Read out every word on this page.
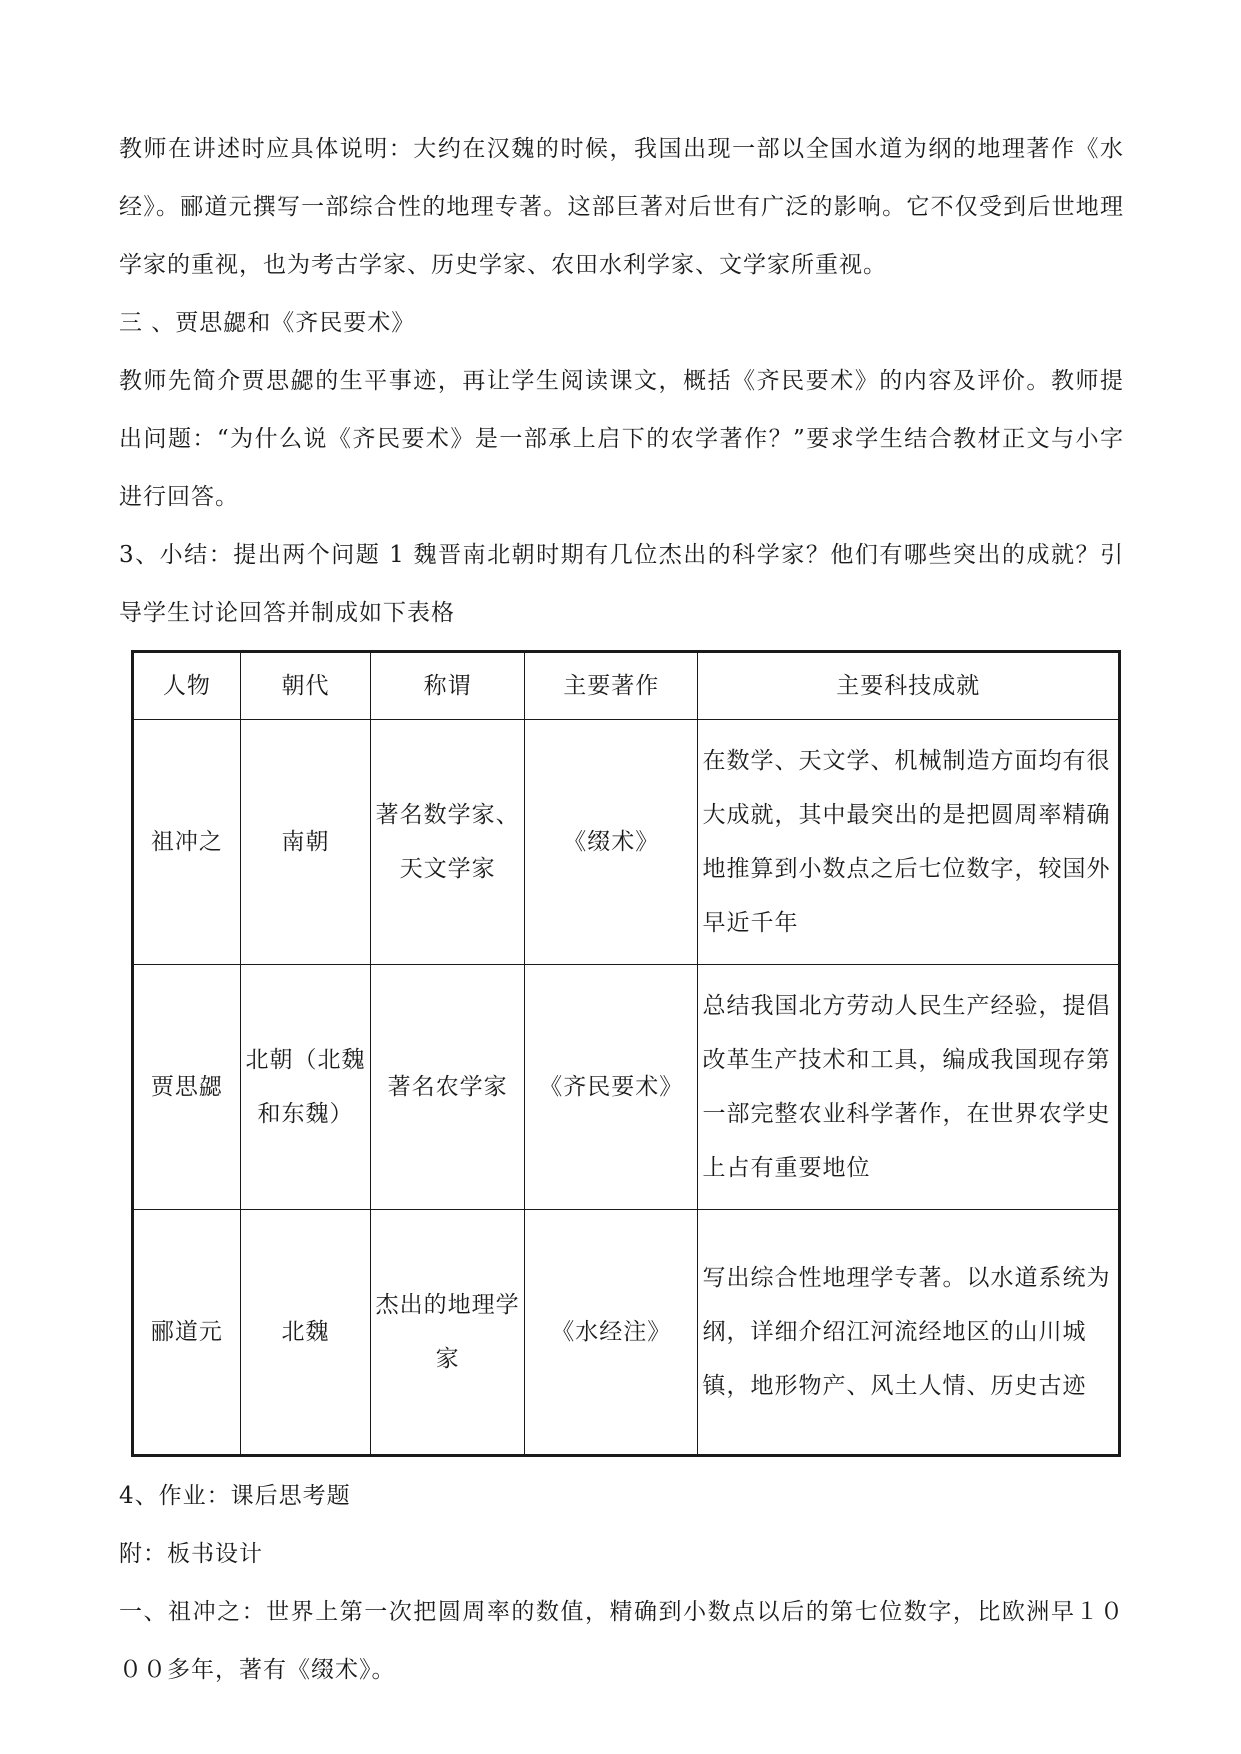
教师在讲述时应具体说明：大约在汉魏的时候，我国出现一部以全国水道为纲的地理著作《水经》。郦道元撰写一部综合性的地理专著。这部巨著对后世有广泛的影响。它不仅受到后世地理学家的重视，也为考古学家、历史学家、农田水利学家、文学家所重视。

三 、贾思勰和《齐民要术》

教师先简介贾思勰的生平事迹，再让学生阅读课文，概括《齐民要术》的内容及评价。教师提出问题：“为什么说《齐民要术》是一部承上启下的农学著作？”要求学生结合教材正文与小字进行回答。

3、小结：提出两个问题 1 魏晋南北朝时期有几位杰出的科学家？他们有哪些突出的成就？引导学生讨论回答并制成如下表格

人物	朝代	称谓	主要著作	主要科技成就
祖冲之	南朝	著名数学家、天文学家	《缀术》	在数学、天文学、机械制造方面均有很大成就，其中最突出的是把圆周率精确地推算到小数点之后七位数字，较国外早近千年
贾思勰	北朝（北魏和东魏）	著名农学家	《齐民要术》	总结我国北方劳动人民生产经验，提倡改革生产技术和工具，编成我国现存第一部完整农业科学著作，在世界农学史上占有重要地位
郦道元	北魏	杰出的地理学家	《水经注》	写出综合性地理学专著。以水道系统为纲，详细介绍江河流经地区的山川城镇，地形物产、风土人情、历史古迹

4、作业：课后思考题

附：板书设计

一、祖冲之：世界上第一次把圆周率的数值，精确到小数点以后的第七位数字，比欧洲早１０００多年，著有《缀术》。
